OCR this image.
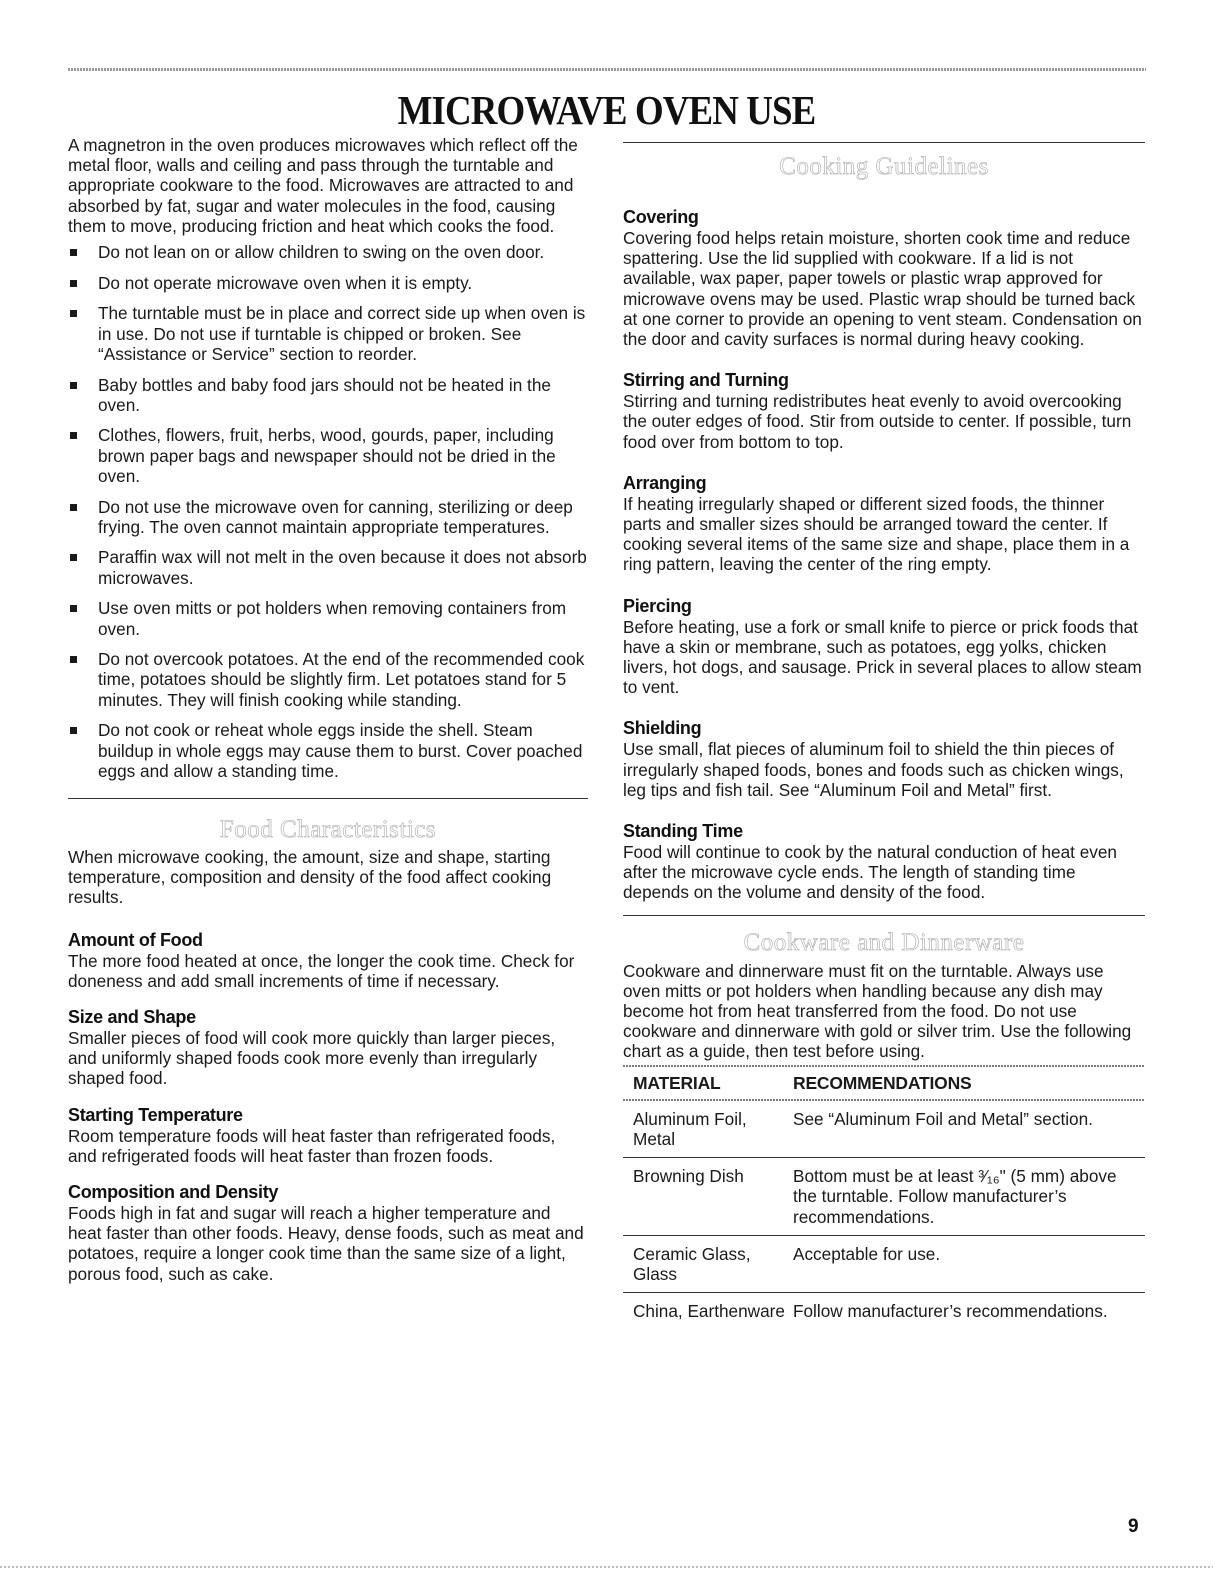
MICROWAVE OVEN USE

A magnetron in the oven produces microwaves which reflect off the metal floor, walls and ceiling and pass through the turntable and appropriate cookware to the food. Microwaves are attracted to and absorbed by fat, sugar and water molecules in the food, causing them to move, producing friction and heat which cooks the food.

Do not lean on or allow children to swing on the oven door.
Do not operate microwave oven when it is empty.
The turntable must be in place and correct side up when oven is in use. Do not use if turntable is chipped or broken. See “Assistance or Service” section to reorder.
Baby bottles and baby food jars should not be heated in the oven.
Clothes, flowers, fruit, herbs, wood, gourds, paper, including brown paper bags and newspaper should not be dried in the oven.
Do not use the microwave oven for canning, sterilizing or deep frying. The oven cannot maintain appropriate temperatures.
Paraffin wax will not melt in the oven because it does not absorb microwaves.
Use oven mitts or pot holders when removing containers from oven.
Do not overcook potatoes. At the end of the recommended cook time, potatoes should be slightly firm. Let potatoes stand for 5 minutes. They will finish cooking while standing.
Do not cook or reheat whole eggs inside the shell. Steam buildup in whole eggs may cause them to burst. Cover poached eggs and allow a standing time.
Food Characteristics

When microwave cooking, the amount, size and shape, starting temperature, composition and density of the food affect cooking results.

Amount of Food

The more food heated at once, the longer the cook time. Check for doneness and add small increments of time if necessary.

Size and Shape

Smaller pieces of food will cook more quickly than larger pieces, and uniformly shaped foods cook more evenly than irregularly shaped food.

Starting Temperature

Room temperature foods will heat faster than refrigerated foods, and refrigerated foods will heat faster than frozen foods.

Composition and Density

Foods high in fat and sugar will reach a higher temperature and heat faster than other foods. Heavy, dense foods, such as meat and potatoes, require a longer cook time than the same size of a light, porous food, such as cake.

Cooking Guidelines
Covering

Covering food helps retain moisture, shorten cook time and reduce spattering. Use the lid supplied with cookware. If a lid is not available, wax paper, paper towels or plastic wrap approved for microwave ovens may be used. Plastic wrap should be turned back at one corner to provide an opening to vent steam. Condensation on the door and cavity surfaces is normal during heavy cooking.

Stirring and Turning

Stirring and turning redistributes heat evenly to avoid overcooking the outer edges of food. Stir from outside to center. If possible, turn food over from bottom to top.

Arranging

If heating irregularly shaped or different sized foods, the thinner parts and smaller sizes should be arranged toward the center. If cooking several items of the same size and shape, place them in a ring pattern, leaving the center of the ring empty.

Piercing

Before heating, use a fork or small knife to pierce or prick foods that have a skin or membrane, such as potatoes, egg yolks, chicken livers, hot dogs, and sausage. Prick in several places to allow steam to vent.

Shielding

Use small, flat pieces of aluminum foil to shield the thin pieces of irregularly shaped foods, bones and foods such as chicken wings, leg tips and fish tail. See “Aluminum Foil and Metal” first.

Standing Time

Food will continue to cook by the natural conduction of heat even after the microwave cycle ends. The length of standing time depends on the volume and density of the food.

Cookware and Dinnerware

Cookware and dinnerware must fit on the turntable. Always use oven mitts or pot holders when handling because any dish may become hot from heat transferred from the food. Do not use cookware and dinnerware with gold or silver trim. Use the following chart as a guide, then test before using.

MATERIAL	RECOMMENDATIONS
Aluminum Foil, Metal
See “Aluminum Foil and Metal” section.
Browning Dish	Bottom must be at least ³⁄₁₆" (5 mm) above the turntable. Follow manufacturer’s recommendations.
Ceramic Glass, Glass
Acceptable for use.
China, Earthenware Follow manufacturer’s recommendations.
9
